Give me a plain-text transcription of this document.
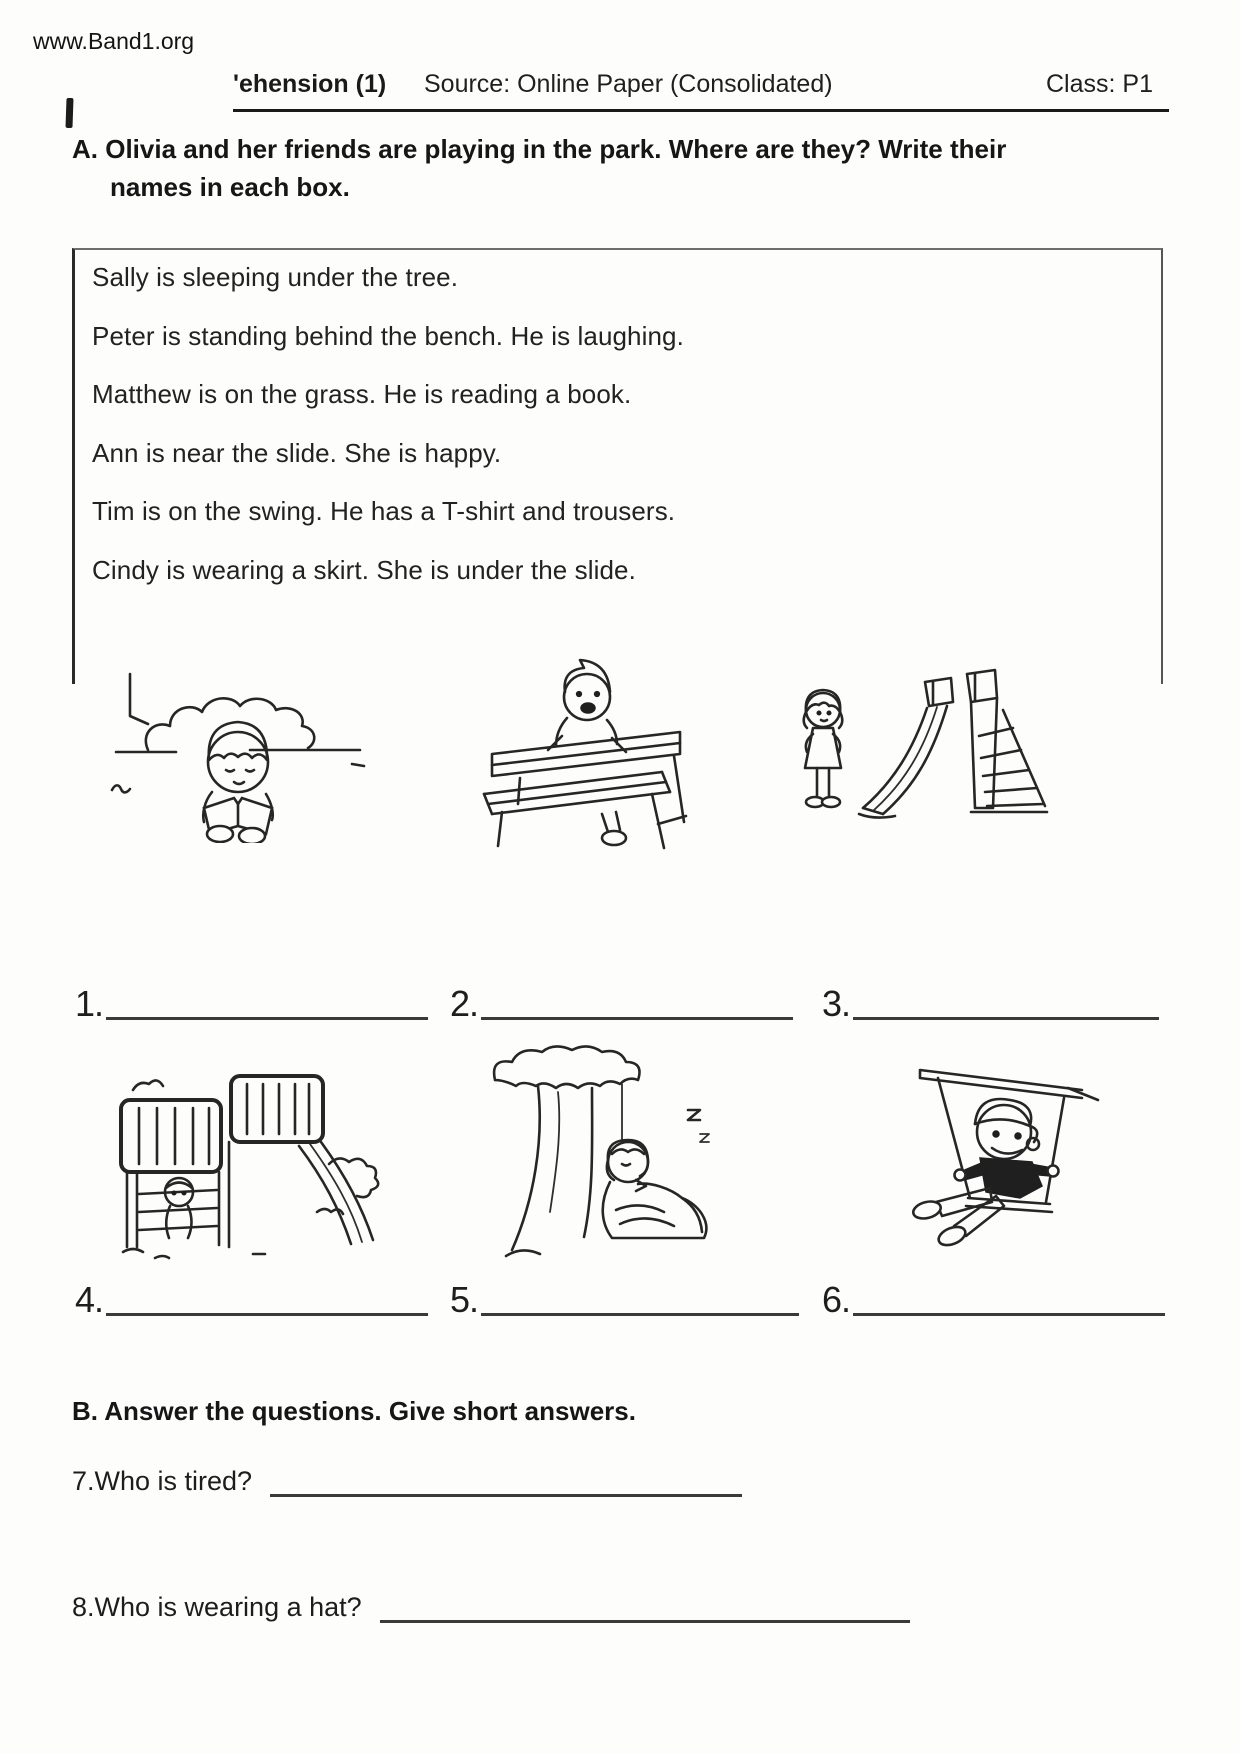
www.Band1.org
'ehension (1) Source: Online Paper (Consolidated)	Class: P1
A. Olivia and her friends are playing in the park. Where are they? Write their
names in each box.

Sally is sleeping under the tree.

Peter is standing behind the bench. He is laughing.

Matthew is on the grass. He is reading a book.

Ann is near the slide. She is happy.

Tim is on the swing. He has a T-shirt and trousers.

Cindy is wearing a skirt. She is under the slide.

1.	2.	3.
4.	5.	6.
B. Answer the questions. Give short answers.
7.Who is tired?
8.Who is wearing a hat?
